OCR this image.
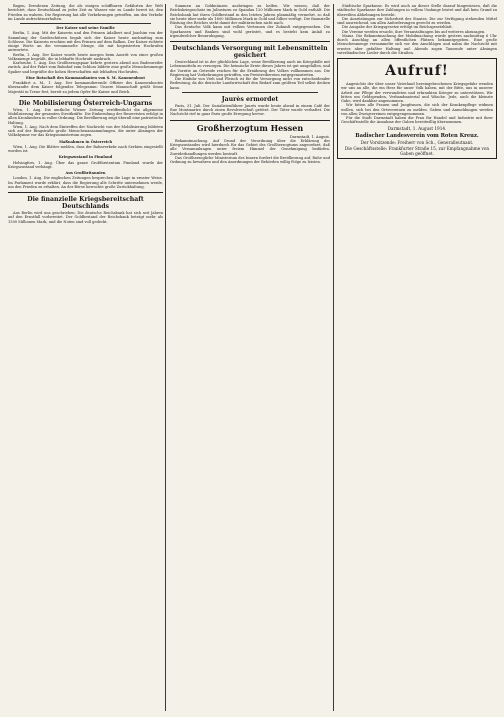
Bagen, Dresdenen Zeitung, die als einigen schiffbaren Gefährten der Welt berichtet, dass Deutschland zu jeder Zeit zu Wasser wie zu Lande bereit ist, den Frieden zu wahren. Die Regierung hat alle Vorkehrungen getroffen, um den Verkehr im Lande aufrechtzuerhalten.

Der Kaiser und seine Familie

Berlin, 1. Aug. Mit der Kaiserin und den Prinzen Adalbert und Joachim von der Sammlung der Gardeschützen begab sich der Kaiser heute nachmittag zum Schlosse. Die Kaiserin erschien mit den Prinzen auf dem Balkon. Der Kaiser richtete einige Worte an die versammelte Menge, die mit begeisterten Hochrufen antwortete.

Berlin, 1. Aug. Der Kaiser wurde heute morgen beim Ausritt von einer großen Volksmenge begrüßt, die in lebhafte Hochrufe ausbrach.

Karlsruhe, 1. Aug. Das Großherzogspaar kehrte gestern abend aus Badenweiler zurück. Auf der Fahrt vom Bahnhof zum Schloss bildete eine große Menschenmenge Spalier und begrüßte die hohen Herrschaften mit lebhaften Hochrufen.

Eine Botschaft des Kommandanten von S. M. Kanonenboot

Frankfurt a. M., 1. Aug. Der kommandierende Offizier des Kanonenbootes übersandte dem Kaiser folgendes Telegramm: Unsere Mannschaft grüßt Seine Majestät in Treue fest, bereit zu jedem Opfer für Kaiser und Reich.

Die Mobilisierung Österreich-Ungarns

Wien, 1. Aug. Die amtliche Wiener Zeitung veröffentlicht die allgemeine Mobilisierung der gesamten Streitkräfte. Die Einberufung der Reservisten erfolgt in allen Kronländern in voller Ordnung. Die Bevölkerung zeigt überall eine patriotische Haltung.

Wien, 1. Aug. Nach dem Eintreffen der Nachricht von der Mobilisierung bildeten sich auf der Ringstraße große Menschenansammlungen, die unter Absingen der Volkshymne vor das Kriegsministerium zogen.

Maßnahmen in Österreich

Wien, 1. Aug. Die Blätter melden, dass der Bahnverkehr nach Serbien eingestellt worden ist.

Kriegszustand in Finnland

Helsingfors, 1. Aug. Über das ganze Großfürstentum Finnland wurde der Kriegszustand verhängt.

Aus Großbritannien

London, 1. Aug. Die englischen Zeitungen besprechen die Lage in ernster Weise. Im Parlament wurde erklärt, dass die Regierung alle Schritte unternehmen werde, um den Frieden zu erhalten. An der Börse herrschte große Zurückhaltung.

Die finanzielle Kriegsbereitschaft Deutschlands

Aus Berlin wird uns geschrieben: Die deutsche Reichsbank hat sich seit Jahren auf den Ernstfall vorbereitet. Der Goldbestand der Reichsbank beträgt mehr als 1300 Millionen Mark, und die Noten sind voll gedeckt.

Summen an Goldmünzen ausbringen zu helfen. Wir wissen, daß der Reichskriegsschatz im Juliusturm zu Spandau 120 Millionen Mark in Gold enthält. Die Reichsbank hat ihren Goldbestand in den letzten Jahren planmäßig vermehrt, so daß sie heute über mehr als 1600 Millionen Mark in Gold und Silber verfügt. Die finanzielle Rüstung des Reiches steht damit der militärischen nicht nach.

Das deutsche Volk kann mit vollem Vertrauen der Zukunft entgegensehen. Die Sparkassen und Banken sind wohl gerüstet, und es besteht kein Anlaß zu irgendwelcher Beunruhigung.

Deutschlands Versorgung mit Lebensmitteln gesichert

Deutschland ist in der glücklichen Lage, seine Bevölkerung auch im Kriegsfalle mit Lebensmitteln zu versorgen. Die heimische Ernte dieses Jahres ist gut ausgefallen, und die Vorräte an Getreide reichen für die Ernährung des Volkes vollkommen aus. Die Regierung hat Vorkehrungen getroffen, um Preistreibereien entgegenzutreten.

Die Einfuhr von Vieh und Fleisch ist für die Versorgung nicht von entscheidender Bedeutung, da die deutsche Landwirtschaft den Bedarf zum größten Teil selbst decken kann.

Jaurès ermordet

Paris, 31. Juli. Der Sozialistenführer Jaurès wurde heute abend in einem Café der Rue Montmartre durch einen Revolverschuß getötet. Der Täter wurde verhaftet. Die Nachricht rief in ganz Paris große Erregung hervor.

Großherzogtum Hessen

Darmstadt, 1. August.

Bekanntmachung. Auf Grund der Verordnung über die Erklärung des Kriegszustandes wird hierdurch für das Gebiet des Großherzogtums angeordnet, daß alle Versammlungen unter freiem Himmel der Genehmigung bedürfen. Zuwiderhandlungen werden bestraft.

Das Großherzogliche Ministerium des Innern fordert die Bevölkerung auf, Ruhe und Ordnung zu bewahren und den Anordnungen der Behörden willig Folge zu leisten.

Städtische Sparkasse. Es wird auch an dieser Stelle darauf hingewiesen, daß die städtische Sparkasse ihre Zahlungen in vollem Umfange leistet und daß kein Grund zu übereilten Abhebungen besteht.

Die Ausrüstungen zur Sicherheit des Staates. Die zur Verfügung stehenden Mittel sind ausreichend, um allen Anforderungen gerecht zu werden.

Die Ausgabe der Kriegsgesetze erfolgt im Reichsgesetzblatt.

Die Vereine werden ersucht, ihre Veranstaltungen bis auf weiteres abzusagen.

Mainz. Die Bekanntmachung der Mobilmachung wurde gestern nachmittag 6 Uhr durch Anschlag an allen öffentlichen Plätzen bekanntgegeben. Eine große Menschenmenge versammelte sich vor den Anschlägen und nahm die Nachricht mit ernster, aber gefaßter Haltung auf. Abends zogen Tausende unter Absingen vaterländischer Lieder durch die Straßen.

Aufruf!

Angesichts der über unser Vaterland hereingebrochenen Kriegsgefahr wenden wir uns an alle, die ein Herz für unser Volk haben, mit der Bitte, uns in unserer Arbeit zur Pflege der verwundeten und erkrankten Krieger zu unterstützen. Wir bitten um Geldspenden, Verbandmaterial und Wäsche. Jede, auch die kleinste Gabe, wird dankbar angenommen.

Wir bitten alle Frauen und Jungfrauen, die sich der Krankenpflege widmen wollen, sich bei den Ortsvereinen zu melden. Gaben und Anmeldungen werden von allen Zweigvereinen entgegengenommen.

Für die Stadt Darmstadt haben die Frau für Handel und Industrie mit ihrer Geschäftsstelle die Annahme der Gaben bereitwillig übernommen.

Darmstadt, 1. August 1914.

Badischer Landesverein vom Roten Kreuz.

Der Vorsitzende: Freiherr von Sch., Generalleutnant.

Die Geschäftsstelle: Frankfurter Straße 15, zur Empfangnahme von Gaben geöffnet.
